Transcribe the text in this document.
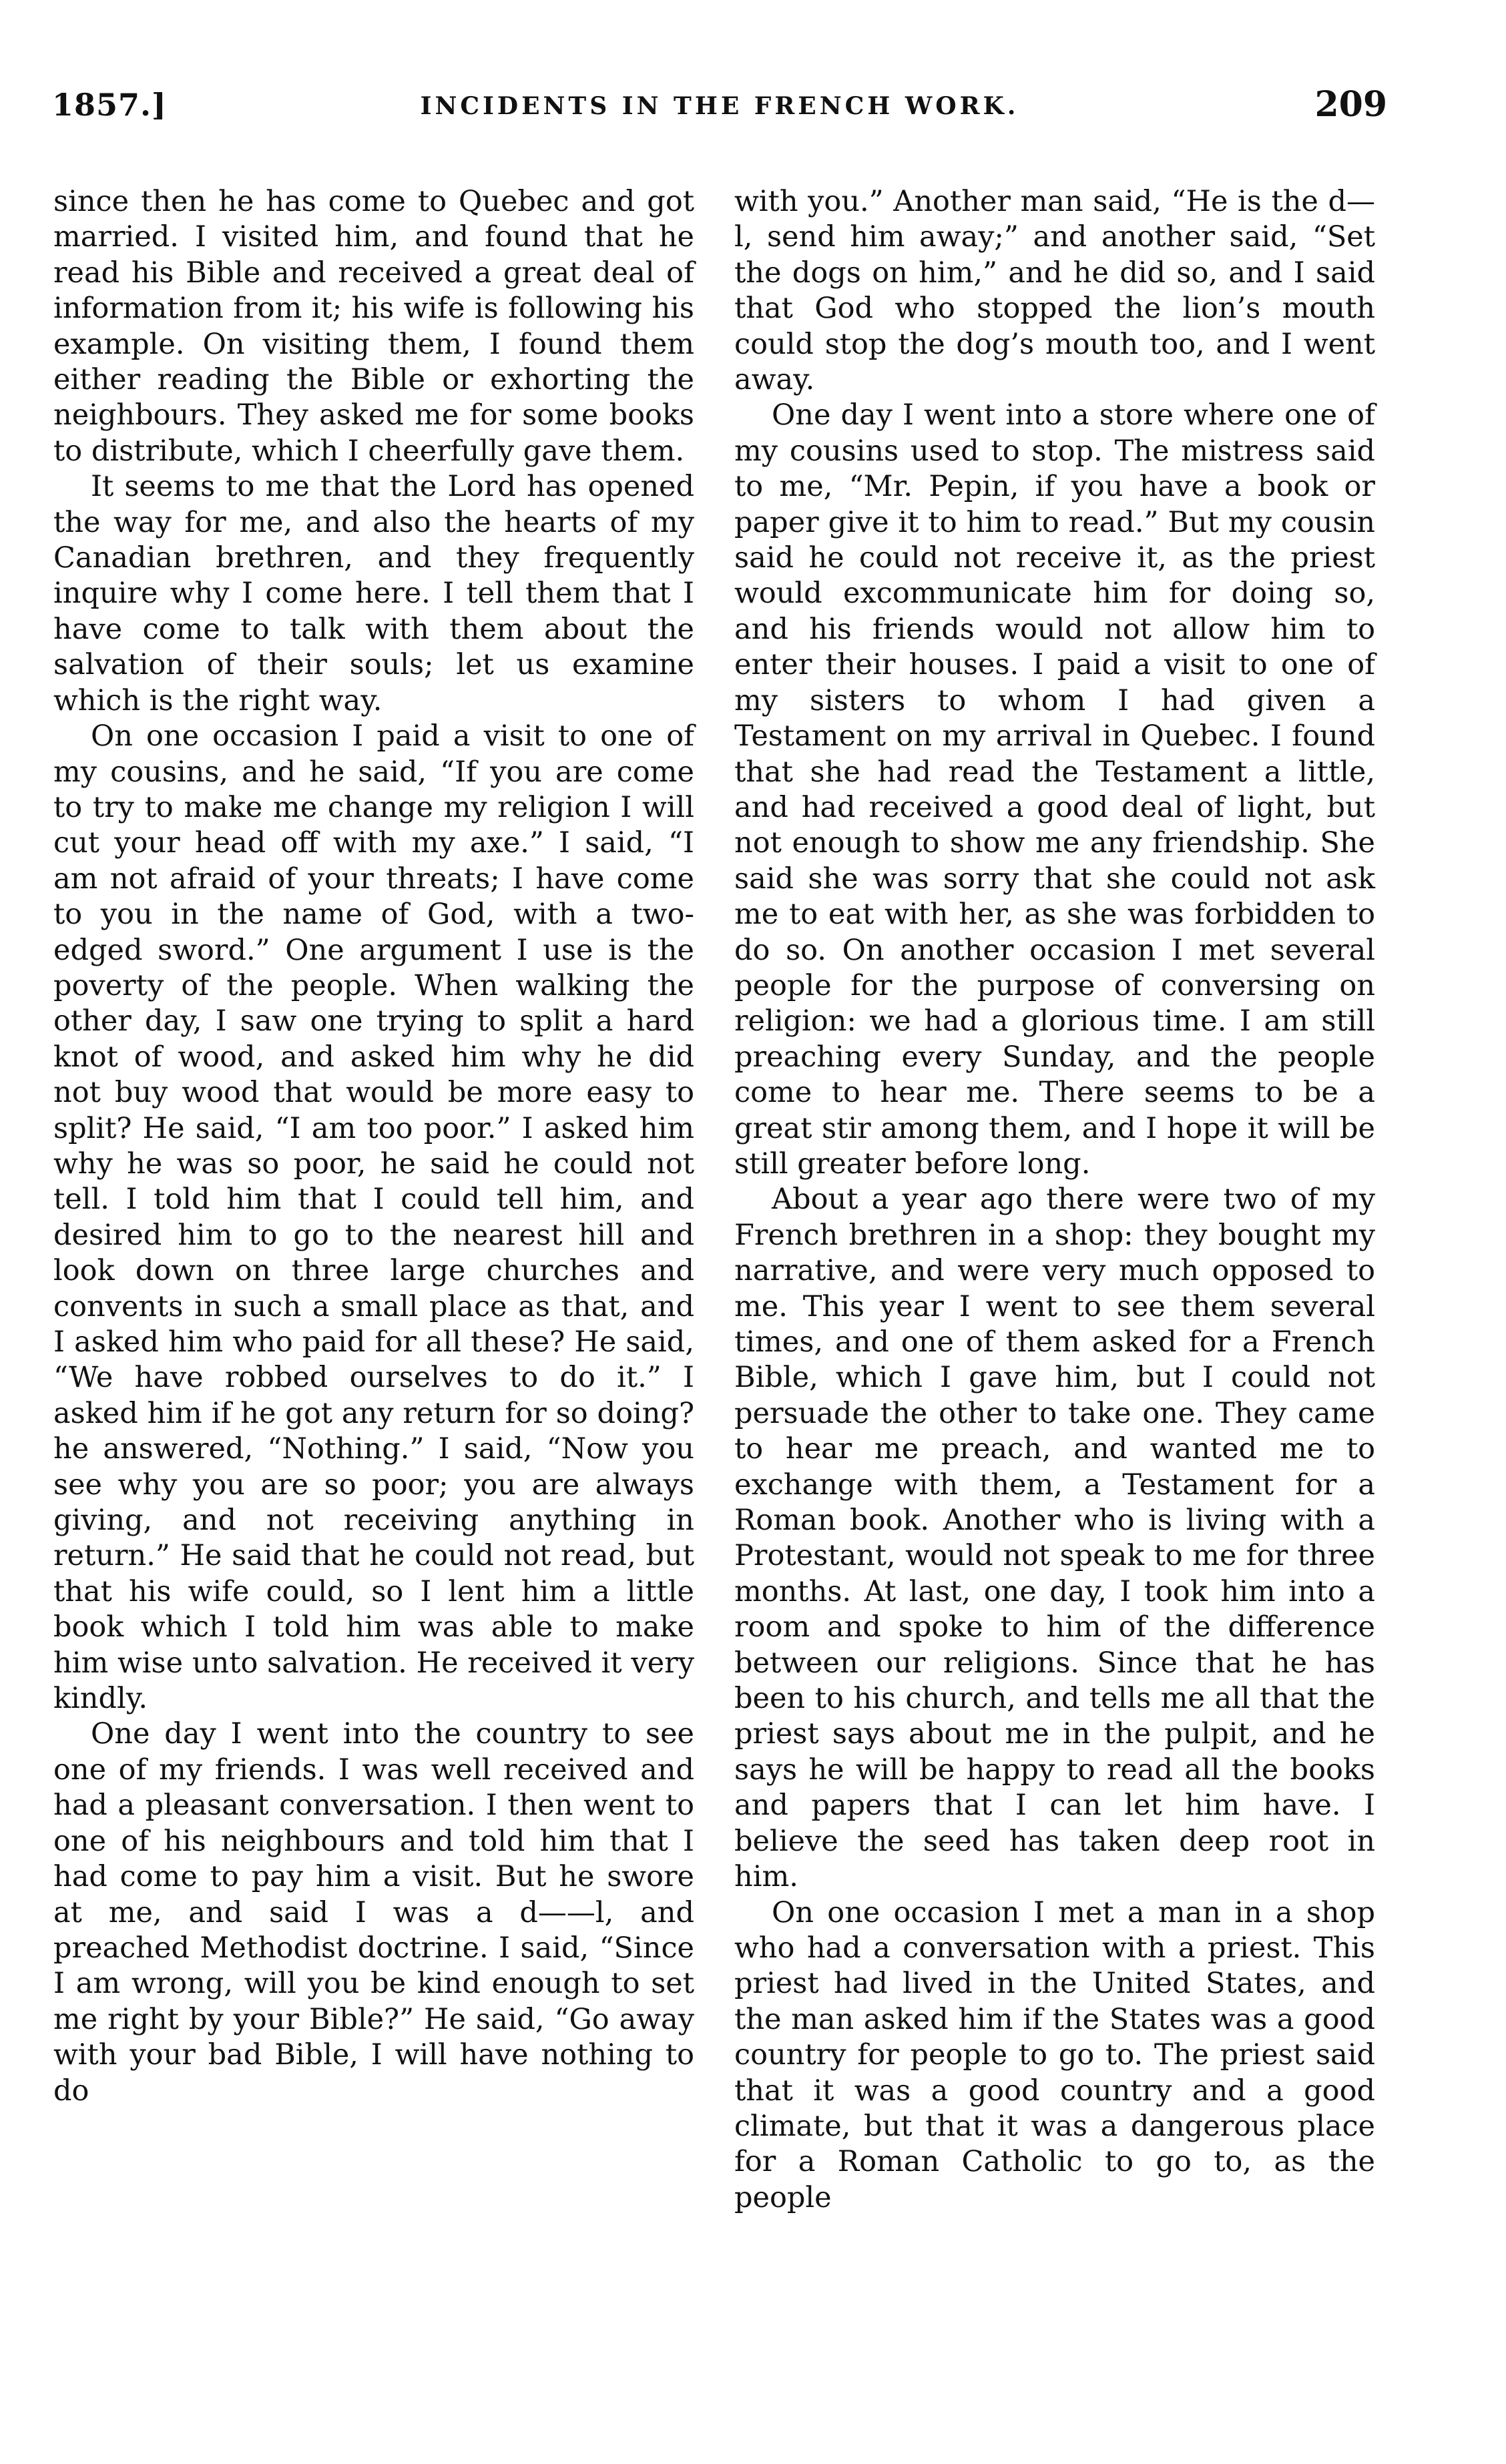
1857.]	INCIDENTS IN THE FRENCH WORK.	209

since then he has come to Quebec and got married. I visited him, and found that he read his Bible and received a great deal of information from it; his wife is following his example. On visiting them, I found them either reading the Bible or exhorting the neighbours. They asked me for some books to distribute, which I cheerfully gave them.

It seems to me that the Lord has opened the way for me, and also the hearts of my Canadian brethren, and they frequently inquire why I come here. I tell them that I have come to talk with them about the salvation of their souls; let us examine which is the right way.

On one occasion I paid a visit to one of my cousins, and he said, “If you are come to try to make me change my religion I will cut your head off with my axe.” I said, “I am not afraid of your threats; I have come to you in the name of God, with a two-edged sword.” One argument I use is the poverty of the people. When walking the other day, I saw one trying to split a hard knot of wood, and asked him why he did not buy wood that would be more easy to split? He said, “I am too poor.” I asked him why he was so poor, he said he could not tell. I told him that I could tell him, and desired him to go to the nearest hill and look down on three large churches and convents in such a small place as that, and I asked him who paid for all these? He said, “We have robbed ourselves to do it.” I asked him if he got any return for so doing? he answered, “Nothing.” I said, “Now you see why you are so poor; you are always giving, and not receiving anything in return.” He said that he could not read, but that his wife could, so I lent him a little book which I told him was able to make him wise unto salvation. He received it very kindly.

One day I went into the country to see one of my friends. I was well received and had a pleasant conversation. I then went to one of his neighbours and told him that I had come to pay him a visit. But he swore at me, and said I was a d——l, and preached Methodist doctrine. I said, “Since I am wrong, will you be kind enough to set me right by your Bible?” He said, “Go away with your bad Bible, I will have nothing to do

with you.” Another man said, “He is the d—l, send him away;” and another said, “Set the dogs on him,” and he did so, and I said that God who stopped the lion’s mouth could stop the dog’s mouth too, and I went away.

One day I went into a store where one of my cousins used to stop. The mistress said to me, “Mr. Pepin, if you have a book or paper give it to him to read.” But my cousin said he could not receive it, as the priest would excommunicate him for doing so, and his friends would not allow him to enter their houses. I paid a visit to one of my sisters to whom I had given a Testament on my arrival in Quebec. I found that she had read the Testament a little, and had received a good deal of light, but not enough to show me any friendship. She said she was sorry that she could not ask me to eat with her, as she was forbidden to do so. On another occasion I met several people for the purpose of conversing on religion: we had a glorious time. I am still preaching every Sunday, and the people come to hear me. There seems to be a great stir among them, and I hope it will be still greater before long.

About a year ago there were two of my French brethren in a shop: they bought my narrative, and were very much opposed to me. This year I went to see them several times, and one of them asked for a French Bible, which I gave him, but I could not persuade the other to take one. They came to hear me preach, and wanted me to exchange with them, a Testament for a Roman book. Another who is living with a Protestant, would not speak to me for three months. At last, one day, I took him into a room and spoke to him of the difference between our religions. Since that he has been to his church, and tells me all that the priest says about me in the pulpit, and he says he will be happy to read all the books and papers that I can let him have. I believe the seed has taken deep root in him.

On one occasion I met a man in a shop who had a conversation with a priest. This priest had lived in the United States, and the man asked him if the States was a good country for people to go to. The priest said that it was a good country and a good climate, but that it was a dangerous place for a Roman Catholic to go to, as the people
